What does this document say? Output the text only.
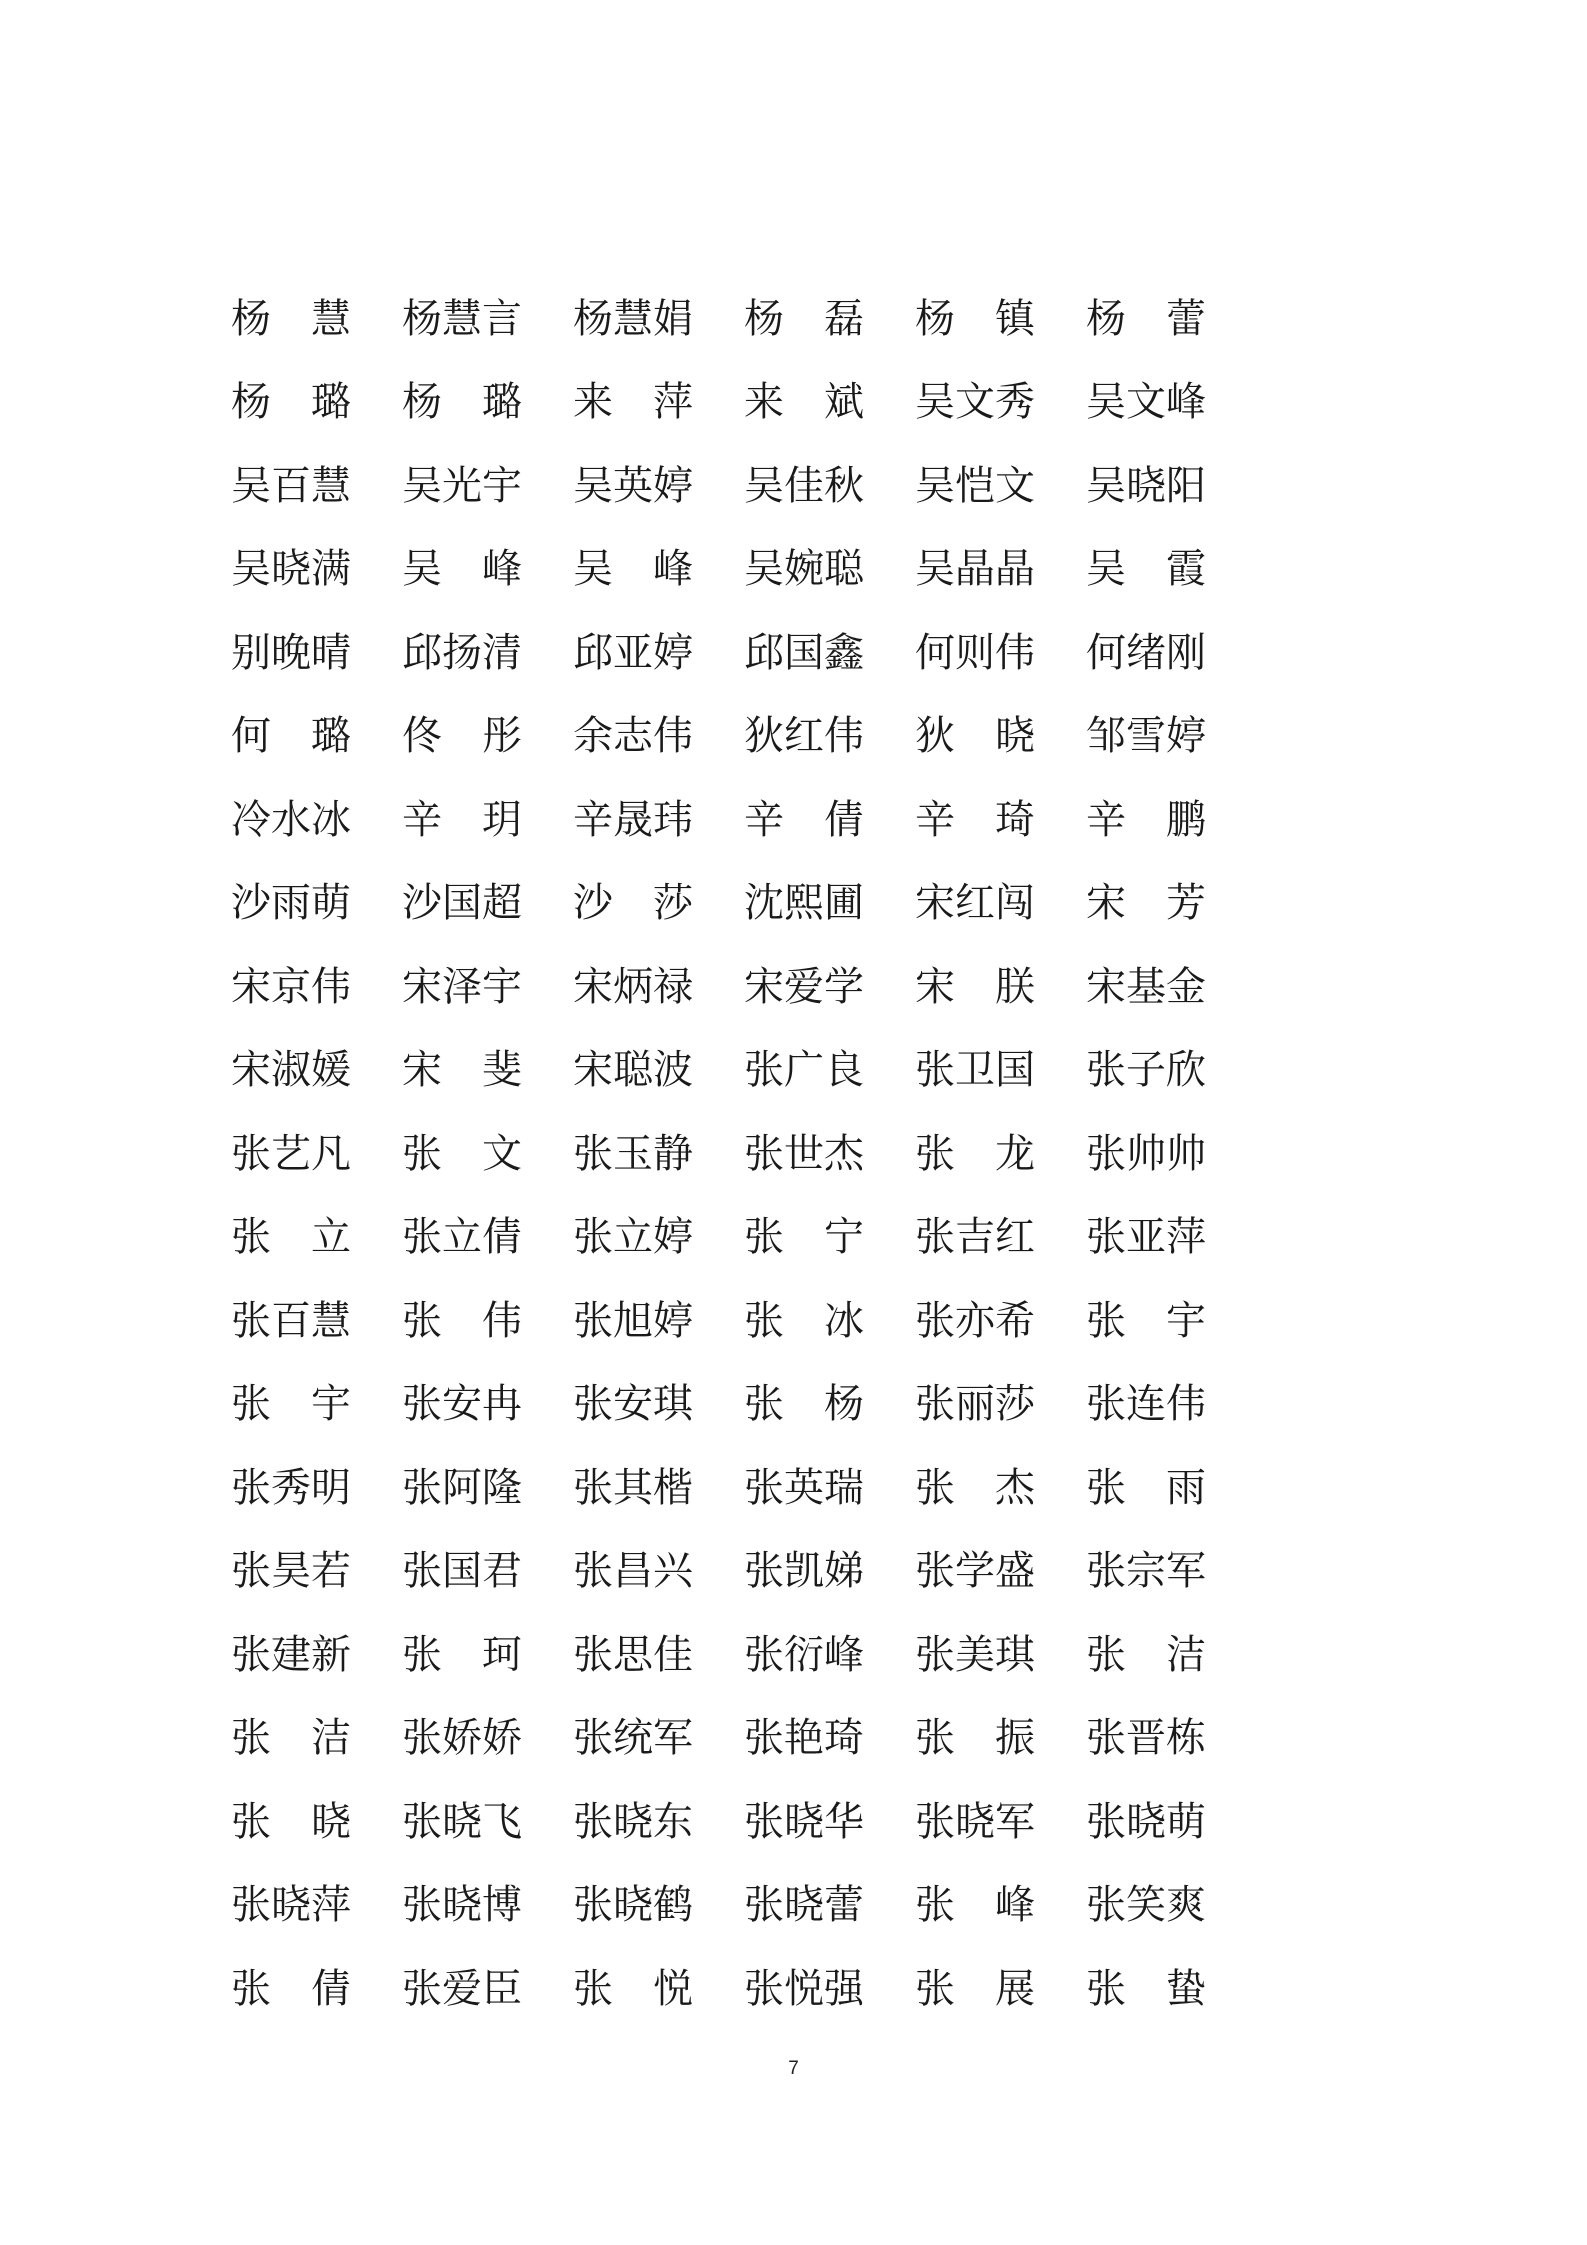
杨 慧 杨慧言 杨慧娟 杨 磊 杨 镇 杨 蕾
杨 璐 杨 璐 来 萍 来 斌 吴文秀 吴文峰
吴百慧 吴光宇 吴英婷 吴佳秋 吴恺文 吴晓阳
吴晓满 吴 峰 吴 峰 吴婉聪 吴晶晶 吴 霞
别晚晴 邱扬清 邱亚婷 邱国鑫 何则伟 何绪刚
何 璐 佟 彤 余志伟 狄红伟 狄 晓 邹雪婷
冷水冰 辛 玥 辛晟玮 辛 倩 辛 琦 辛 鹏
沙雨萌 沙国超 沙 莎 沈熙圃 宋红闯 宋 芳
宋京伟 宋泽宇 宋炳禄 宋爱学 宋 朕 宋基金
宋淑媛 宋 斐 宋聪波 张广良 张卫国 张子欣
张艺凡 张 文 张玉静 张世杰 张 龙 张帅帅
张 立 张立倩 张立婷 张 宁 张吉红 张亚萍
张百慧 张 伟 张旭婷 张 冰 张亦希 张 宇
张 宇 张安冉 张安琪 张 杨 张丽莎 张连伟
张秀明 张阿隆 张其楷 张英瑞 张 杰 张 雨
张昊若 张国君 张昌兴 张凯娣 张学盛 张宗军
张建新 张 珂 张思佳 张衍峰 张美琪 张 洁
张 洁 张娇娇 张统军 张艳琦 张 振 张晋栋
张 晓 张晓飞 张晓东 张晓华 张晓军 张晓萌
张晓萍 张晓博 张晓鹤 张晓蕾 张 峰 张笑爽
张 倩 张爱臣 张 悦 张悦强 张 展 张 蛰
7
